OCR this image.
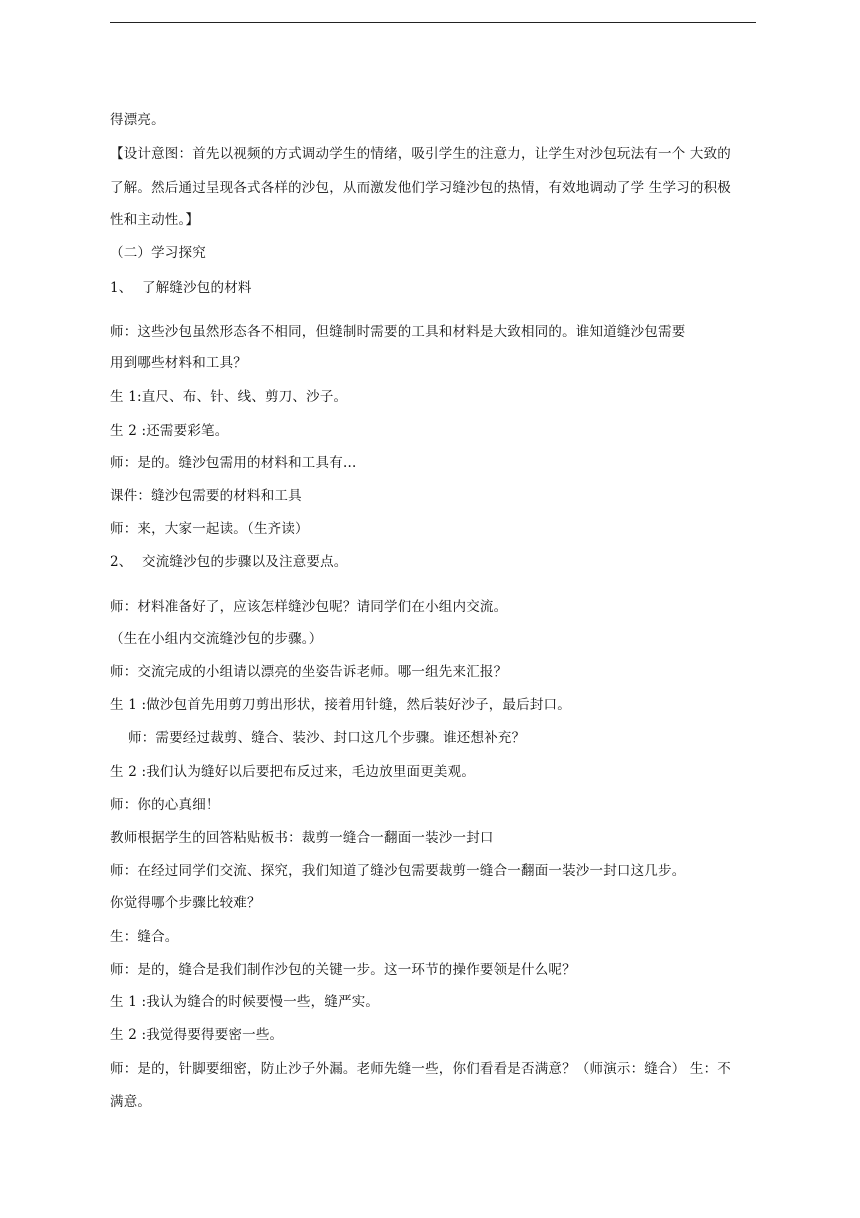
得漂亮。
【设计意图：首先以视频的方式调动学生的情绪，吸引学生的注意力，让学生对沙包玩法有一个 大致的
了解。然后通过呈现各式各样的沙包，从而激发他们学习缝沙包的热情，有效地调动了学 生学习的积极
性和主动性。】
（二）学习探究
1、 了解缝沙包的材料
师：这些沙包虽然形态各不相同，但缝制时需要的工具和材料是大致相同的。谁知道缝沙包需要
用到哪些材料和工具？
生 1:直尺、布、针、线、剪刀、沙子。
生 2 :还需要彩笔。
师：是的。缝沙包需用的材料和工具有…
课件：缝沙包需要的材料和工具
师：来，大家一起读。（生齐读）
2、 交流缝沙包的步骤以及注意要点。
师：材料准备好了，应该怎样缝沙包呢？请同学们在小组内交流。
（生在小组内交流缝沙包的步骤。）
师：交流完成的小组请以漂亮的坐姿告诉老师。哪一组先来汇报？
生 1 :做沙包首先用剪刀剪出形状，接着用针缝，然后装好沙子，最后封口。
师：需要经过裁剪、缝合、装沙、封口这几个步骤。谁还想补充？
生 2 :我们认为缝好以后要把布反过来，毛边放里面更美观。
师：你的心真细！
教师根据学生的回答粘贴板书：裁剪一缝合一翻面一装沙一封口
师：在经过同学们交流、探究，我们知道了缝沙包需要裁剪一缝合一翻面一装沙一封口这几步。
你觉得哪个步骤比较难？
生：缝合。
师：是的，缝合是我们制作沙包的关键一步。这一环节的操作要领是什么呢？
生 1 :我认为缝合的时候要慢一些，缝严实。
生 2 :我觉得要得要密一些。
师：是的，针脚要细密，防止沙子外漏。老师先缝一些，你们看看是否满意？（师演示：缝合） 生：不
满意。
